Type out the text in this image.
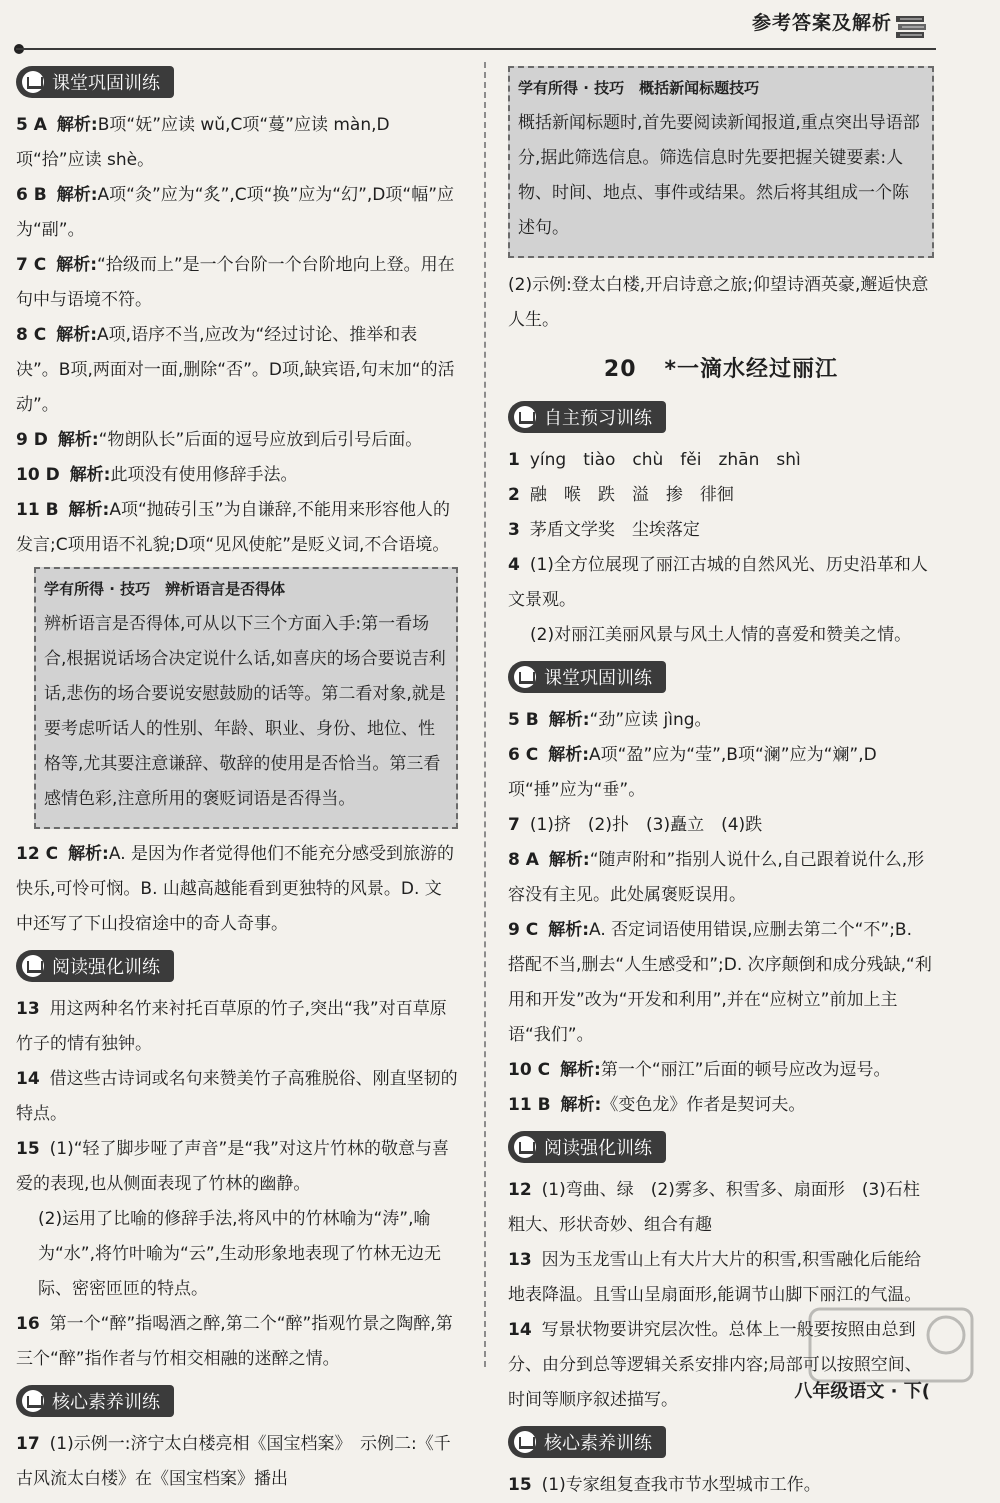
参考答案及解析
课堂巩固训练

5 A 解析:B项“妩”应读 wǔ,C项“蔓”应读 màn,D项“拾”应读 shè。

6 B 解析:A项“灸”应为“炙”,C项“换”应为“幻”,D项“幅”应为“副”。

7 C 解析:“拾级而上”是一个台阶一个台阶地向上登。用在句中与语境不符。

8 C 解析:A项,语序不当,应改为“经过讨论、推举和表决”。B项,两面对一面,删除“否”。D项,缺宾语,句末加“的活动”。

9 D 解析:“物朗队长”后面的逗号应放到后引号后面。

10 D 解析:此项没有使用修辞手法。

11 B 解析:A项“抛砖引玉”为自谦辞,不能用来形容他人的发言;C项用语不礼貌;D项“见风使舵”是贬义词,不合语境。

学有所得 · 技巧　辨析语言是否得体

辨析语言是否得体,可从以下三个方面入手:第一看场合,根据说话场合决定说什么话,如喜庆的场合要说吉利话,悲伤的场合要说安慰鼓励的话等。第二看对象,就是要考虑听话人的性别、年龄、职业、身份、地位、性格等,尤其要注意谦辞、敬辞的使用是否恰当。第三看感情色彩,注意所用的褒贬词语是否得当。

12 C 解析:A. 是因为作者觉得他们不能充分感受到旅游的快乐,可怜可悯。B. 山越高越能看到更独特的风景。D. 文中还写了下山投宿途中的奇人奇事。

阅读强化训练

13 用这两种名竹来衬托百草原的竹子,突出“我”对百草原竹子的情有独钟。

14 借这些古诗词或名句来赞美竹子高雅脱俗、刚直坚韧的特点。

15 (1)“轻了脚步哑了声音”是“我”对这片竹林的敬意与喜爱的表现,也从侧面表现了竹林的幽静。

(2)运用了比喻的修辞手法,将风中的竹林喻为“涛”,喻为“水”,将竹叶喻为“云”,生动形象地表现了竹林无边无际、密密匝匝的特点。

16 第一个“醉”指喝酒之醉,第二个“醉”指观竹景之陶醉,第三个“醉”指作者与竹相交相融的迷醉之情。

核心素养训练

17 (1)示例一:济宁太白楼亮相《国宝档案》　示例二:《千古风流太白楼》在《国宝档案》播出

学有所得 · 技巧　概括新闻标题技巧

概括新闻标题时,首先要阅读新闻报道,重点突出导语部分,据此筛选信息。筛选信息时先要把握关键要素:人物、时间、地点、事件或结果。然后将其组成一个陈述句。

(2)示例:登太白楼,开启诗意之旅;仰望诗酒英豪,邂逅快意人生。

20 *一滴水经过丽江
自主预习训练

1 yíng　tiào　chù　fěi　zhān　shì

2 融　喉　跌　溢　掺　徘徊

3 茅盾文学奖　尘埃落定

4 (1)全方位展现了丽江古城的自然风光、历史沿革和人文景观。

(2)对丽江美丽风景与风土人情的喜爱和赞美之情。

课堂巩固训练

5 B 解析:“劲”应读 jìng。

6 C 解析:A项“盈”应为“莹”,B项“澜”应为“斓”,D项“捶”应为“垂”。

7 (1)挤　(2)扑　(3)矗立　(4)跌

8 A 解析:“随声附和”指别人说什么,自己跟着说什么,形容没有主见。此处属褒贬误用。

9 C 解析:A. 否定词语使用错误,应删去第二个“不”;B. 搭配不当,删去“人生感受和”;D. 次序颠倒和成分残缺,“利用和开发”改为“开发和利用”,并在“应树立”前加上主语“我们”。

10 C 解析:第一个“丽江”后面的顿号应改为逗号。

11 B 解析:《变色龙》作者是契诃夫。

阅读强化训练

12 (1)弯曲、绿　(2)雾多、积雪多、扇面形　(3)石柱粗大、形状奇妙、组合有趣

13 因为玉龙雪山上有大片大片的积雪,积雪融化后能给地表降温。且雪山呈扇面形,能调节山脚下丽江的气温。

14 写景状物要讲究层次性。总体上一般要按照由总到分、由分到总等逻辑关系安排内容;局部可以按照空间、时间等顺序叙述描写。

核心素养训练

15 (1)专家组复查我市节水型城市工作。

八年级语文 · 下(
